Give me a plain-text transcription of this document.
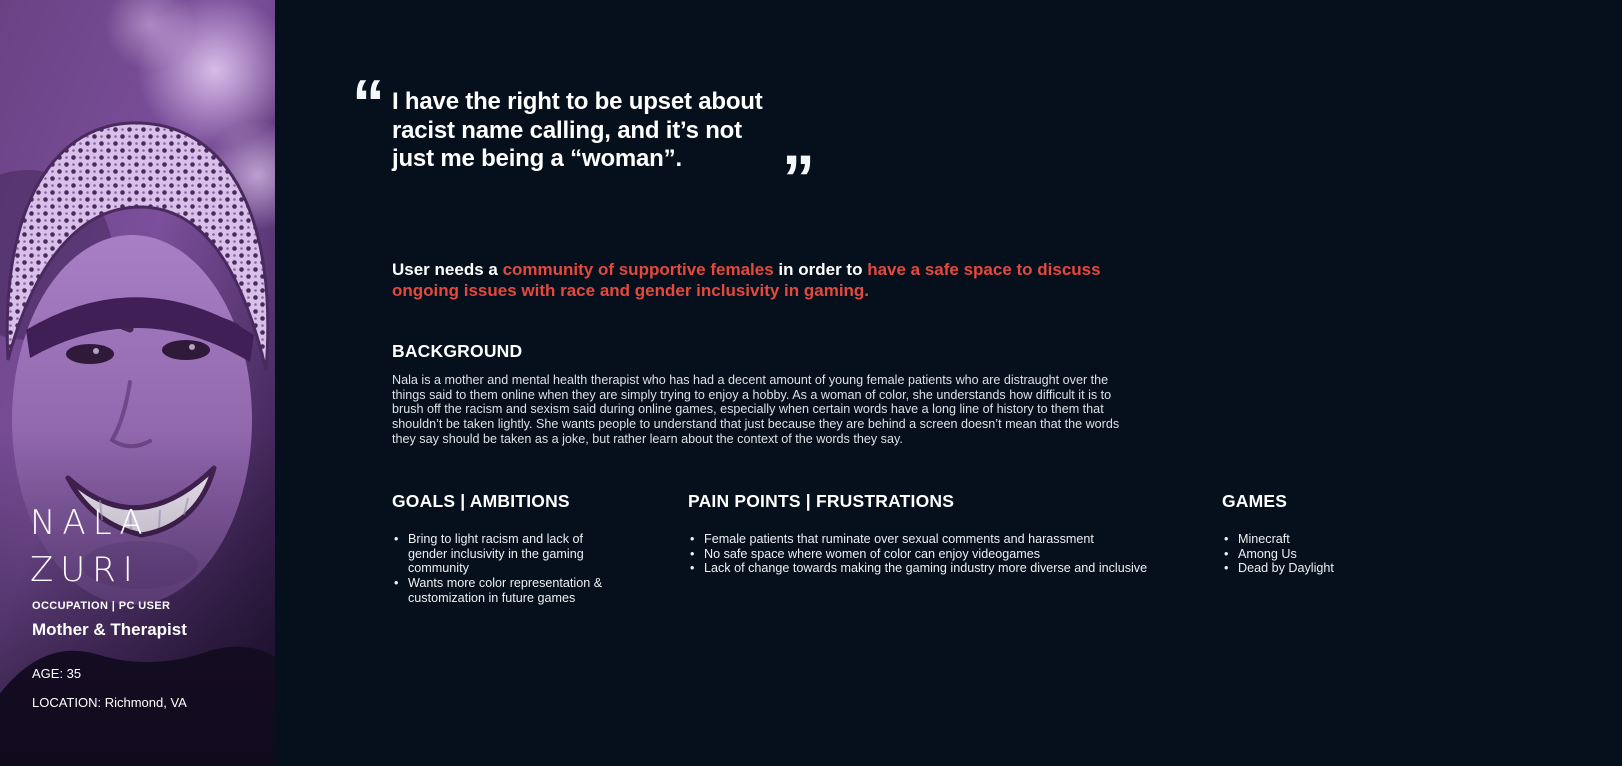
NALA
ZURI
OCCUPATION | PC USER
Mother & Therapist
AGE: 35
LOCATION: Richmond, VA
“ I have the right to be upset about
racist name calling, and it’s not
just me being a “woman”.	”

User needs a community of supportive females in order to have a safe space to discuss ongoing issues with race and gender inclusivity in gaming.

BACKGROUND

Nala is a mother and mental health therapist who has had a decent amount of young female patients who are distraught over the things said to them online when they are simply trying to enjoy a hobby. As a woman of color, she understands how difficult it is to brush off the racism and sexism said during online games, especially when certain words have a long line of history to them that shouldn’t be taken lightly. She wants people to understand that just because they are behind a screen doesn’t mean that the words they say should be taken as a joke, but rather learn about the context of the words they say.

GOALS | AMBITIONS
• Bring to light racism and lack of gender inclusivity in the gaming community
• Wants more color representation & customization in future games
PAIN POINTS | FRUSTRATIONS
• Female patients that ruminate over sexual comments and harassment
• No safe space where women of color can enjoy videogames
• Lack of change towards making the gaming industry more diverse and inclusive
GAMES
• Minecraft
• Among Us
• Dead by Daylight
